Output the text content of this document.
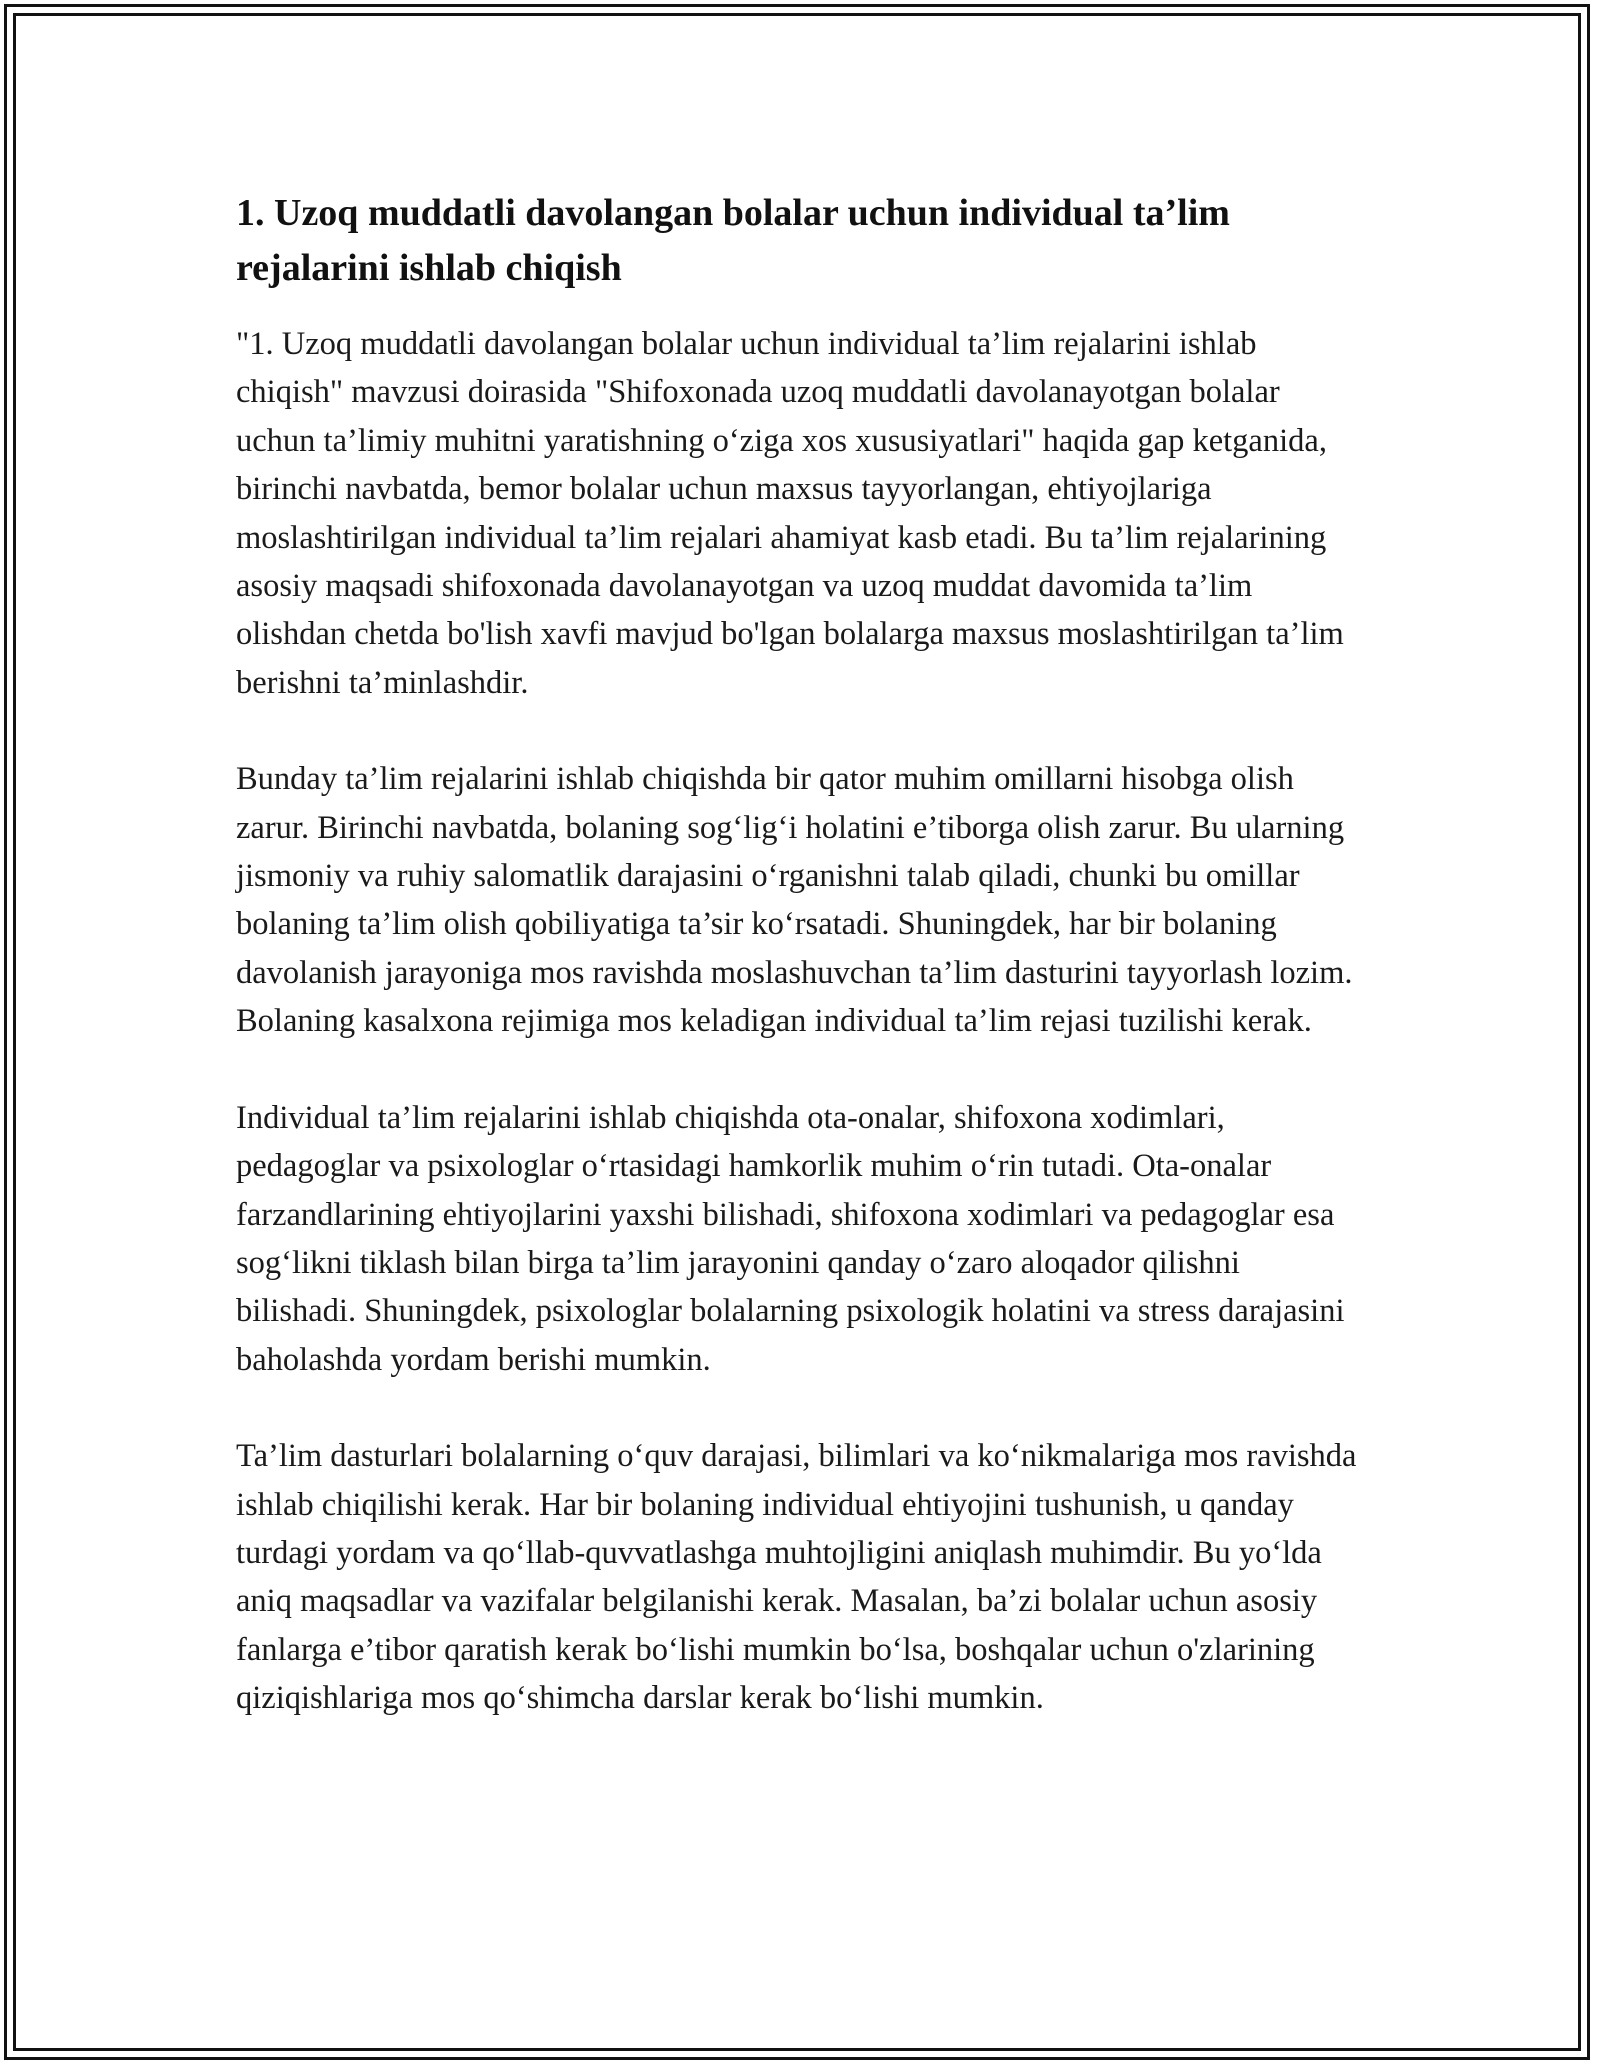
1. Uzoq muddatli davolangan bolalar uchun individual ta’lim rejalarini ishlab chiqish

"1. Uzoq muddatli davolangan bolalar uchun individual ta’lim rejalarini ishlab chiqish" mavzusi doirasida "Shifoxonada uzoq muddatli davolanayotgan bolalar uchun ta’limiy muhitni yaratishning o‘ziga xos xususiyatlari" haqida gap ketganida, birinchi navbatda, bemor bolalar uchun maxsus tayyorlangan, ehtiyojlariga moslashtirilgan individual ta’lim rejalari ahamiyat kasb etadi. Bu ta’lim rejalarining asosiy maqsadi shifoxonada davolanayotgan va uzoq muddat davomida ta’lim olishdan chetda bo'lish xavfi mavjud bo'lgan bolalarga maxsus moslashtirilgan ta’lim berishni ta’minlashdir.

Bunday ta’lim rejalarini ishlab chiqishda bir qator muhim omillarni hisobga olish zarur. Birinchi navbatda, bolaning sog‘lig‘i holatini e’tiborga olish zarur. Bu ularning jismoniy va ruhiy salomatlik darajasini o‘rganishni talab qiladi, chunki bu omillar bolaning ta’lim olish qobiliyatiga ta’sir ko‘rsatadi. Shuningdek, har bir bolaning davolanish jarayoniga mos ravishda moslashuvchan ta’lim dasturini tayyorlash lozim. Bolaning kasalxona rejimiga mos keladigan individual ta’lim rejasi tuzilishi kerak.

Individual ta’lim rejalarini ishlab chiqishda ota-onalar, shifoxona xodimlari, pedagoglar va psixologlar o‘rtasidagi hamkorlik muhim o‘rin tutadi. Ota-onalar farzandlarining ehtiyojlarini yaxshi bilishadi, shifoxona xodimlari va pedagoglar esa sog‘likni tiklash bilan birga ta’lim jarayonini qanday o‘zaro aloqador qilishni bilishadi. Shuningdek, psixologlar bolalarning psixologik holatini va stress darajasini baholashda yordam berishi mumkin.

Ta’lim dasturlari bolalarning o‘quv darajasi, bilimlari va ko‘nikmalariga mos ravishda ishlab chiqilishi kerak. Har bir bolaning individual ehtiyojini tushunish, u qanday turdagi yordam va qo‘llab-quvvatlashga muhtojligini aniqlash muhimdir. Bu yo‘lda aniq maqsadlar va vazifalar belgilanishi kerak. Masalan, ba’zi bolalar uchun asosiy fanlarga e’tibor qaratish kerak bo‘lishi mumkin bo‘lsa, boshqalar uchun o'zlarining qiziqishlariga mos qo‘shimcha darslar kerak bo‘lishi mumkin.
